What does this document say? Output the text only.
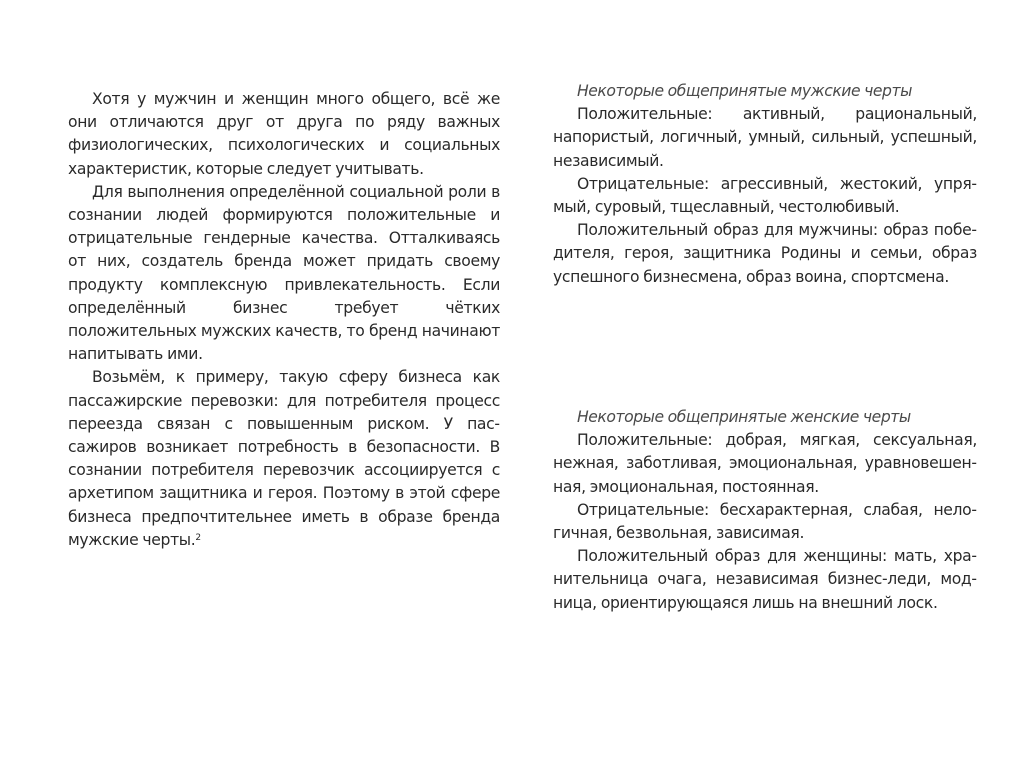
Хотя у мужчин и женщин много общего, всё же они отличаются друг от друга по ряду важных физиологических, психологических и социальных характеристик, которые следует учитывать.

Для выполнения определённой социальной роли в сознании людей формируются положительные и отрицательные гендерные качества. Отталкиваясь от них, создатель бренда может придать своему продукту комплексную привлекательность. Если определённый бизнес требует чётких положительных мужских качеств, то бренд начинают напитывать ими.

Возьмём, к примеру, такую сферу бизнеса как пассажирские перевозки: для потребителя процесс переезда связан с повышенным риском. У пассажиров возникает потребность в безопасности. В сознании потребителя перевозчик ассоциируется с архетипом защитника и героя. Поэтому в этой сфере бизнеса предпочтительнее иметь в образе бренда мужские черты.$^2$

Некоторые общепринятые мужские черты

Положительные: активный, рациональный, напористый, логичный, умный, сильный, успешный, независимый.

Отрицательные: агрессивный, жестокий, упрямый, суровый, тщеславный, честолюбивый.

Положительный образ для мужчины: образ победителя, героя, защитника Родины и семьи, образ успешного бизнесмена, образ воина, спортсмена.

Некоторые общепринятые женские черты

Положительные: добрая, мягкая, сексуальная, нежная, заботливая, эмоциональная, уравновешенная, эмоциональная, постоянная.

Отрицательные: бесхарактерная, слабая, нелогичная, безвольная, зависимая.

Положительный образ для женщины: мать, хранительница очага, независимая бизнес-леди, модница, ориентирующаяся лишь на внешний лоск.
